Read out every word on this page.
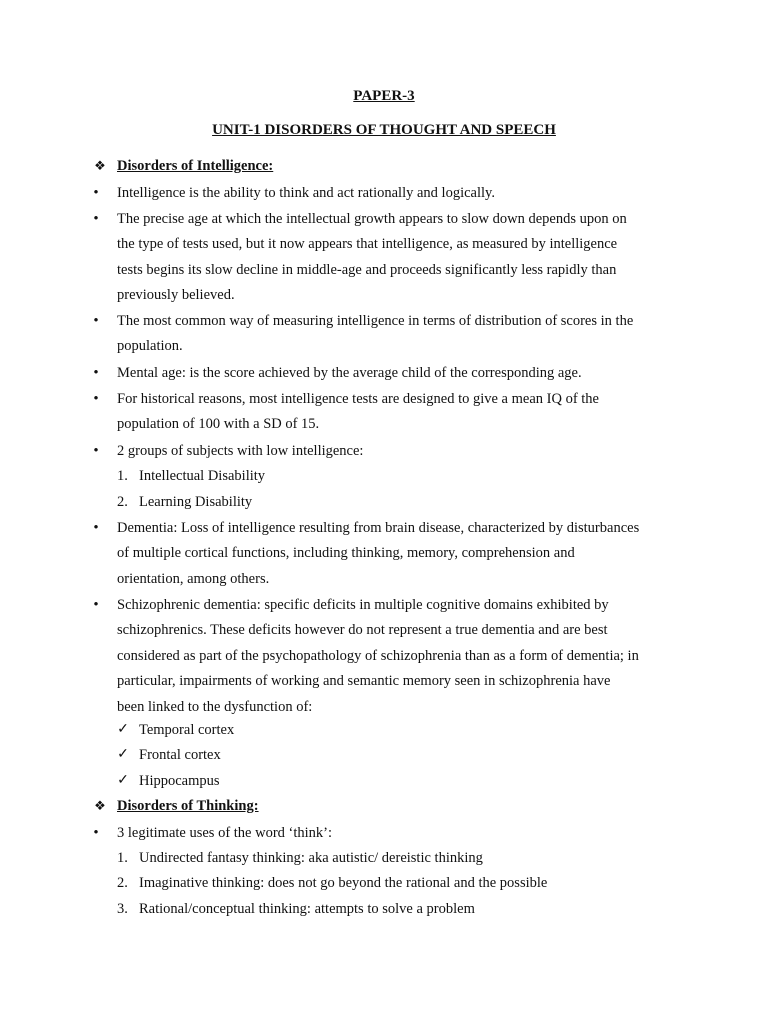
PAPER-3
UNIT-1 DISORDERS OF THOUGHT AND SPEECH
❖ Disorders of Intelligence:
• Intelligence is the ability to think and act rationally and logically.
• The precise age at which the intellectual growth appears to slow down depends upon on
the type of tests used, but it now appears that intelligence, as measured by intelligence
tests begins its slow decline in middle-age and proceeds significantly less rapidly than
previously believed.
• The most common way of measuring intelligence in terms of distribution of scores in the
population.
• Mental age: is the score achieved by the average child of the corresponding age.
• For historical reasons, most intelligence tests are designed to give a mean IQ of the
population of 100 with a SD of 15.
• 2 groups of subjects with low intelligence:
1. Intellectual Disability
2. Learning Disability
• Dementia: Loss of intelligence resulting from brain disease, characterized by disturbances
of multiple cortical functions, including thinking, memory, comprehension and
orientation, among others.
• Schizophrenic dementia: specific deficits in multiple cognitive domains exhibited by
schizophrenics. These deficits however do not represent a true dementia and are best
considered as part of the psychopathology of schizophrenia than as a form of dementia; in
particular, impairments of working and semantic memory seen in schizophrenia have
been linked to the dysfunction of:
✓ Temporal cortex
✓ Frontal cortex
✓ Hippocampus
❖ Disorders of Thinking:
• 3 legitimate uses of the word ‘think’:
1. Undirected fantasy thinking: aka autistic/ dereistic thinking
2. Imaginative thinking: does not go beyond the rational and the possible
3. Rational/conceptual thinking: attempts to solve a problem
